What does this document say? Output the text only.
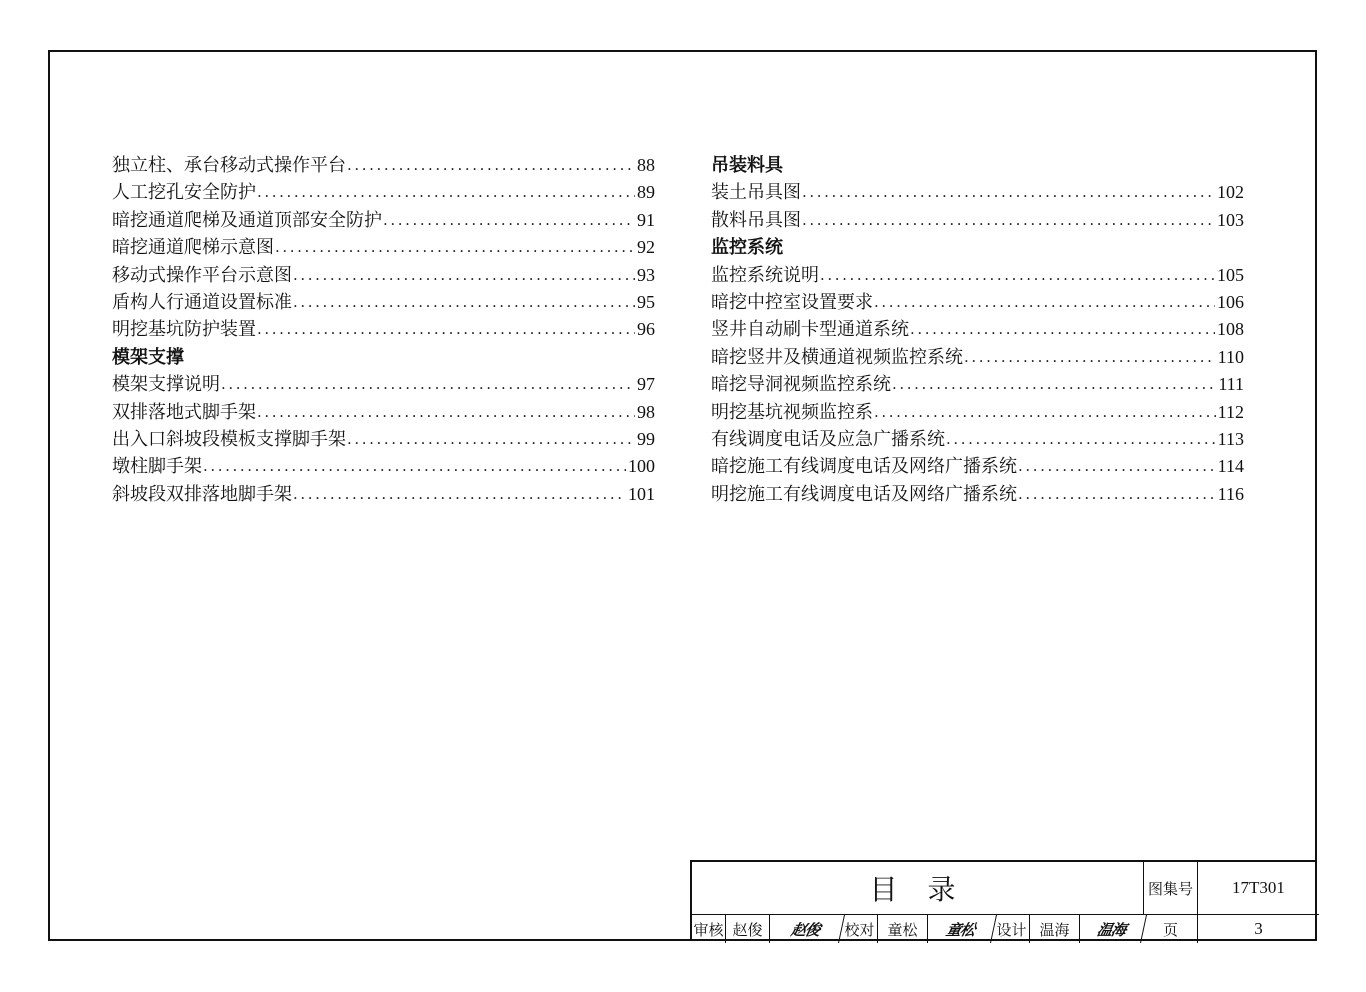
独立柱、承台移动式操作平台 .....	88
人工挖孔安全防护 .....	89
暗挖通道爬梯及通道顶部安全防护 .....	91
暗挖通道爬梯示意图 .....	92
移动式操作平台示意图 .....	93
盾构人行通道设置标准 .....	95
明挖基坑防护装置 .....	96
模架支撑
模架支撑说明 .....	97
双排落地式脚手架 .....	98
出入口斜坡段模板支撑脚手架 .....	99
墩柱脚手架 .....	100
斜坡段双排落地脚手架 .....	101
吊装料具
装土吊具图 .....	102
散料吊具图 .....	103
监控系统
监控系统说明 .....	105
暗挖中控室设置要求 .....	106
竖井自动刷卡型通道系统 .....	108
暗挖竖井及横通道视频监控系统 .....	110
暗挖导洞视频监控系统 .....	111
明挖基坑视频监控系 .....	112
有线调度电话及应急广播系统 .....	113
暗挖施工有线调度电话及网络广播系统 .....	114
明挖施工有线调度电话及网络广播系统 .....	116
目录	图集号	17T301
审核 赵俊	赵俊	校对 童松	童松	设计 温海	温海	页	3
